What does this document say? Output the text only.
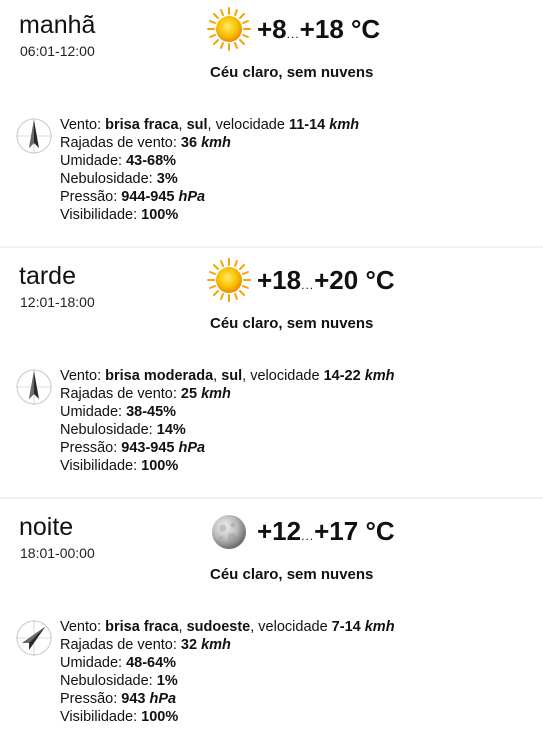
manhã
06:01-12:00
+8...+18 °C
Céu claro, sem nuvens
Vento: brisa fraca, sul, velocidade 11-14 kmh
Rajadas de vento: 36 kmh
Umidade: 43-68%
Nebulosidade: 3%
Pressão: 944-945 hPa
Visibilidade: 100%
tarde
12:01-18:00
+18...+20 °C
Céu claro, sem nuvens
Vento: brisa moderada, sul, velocidade 14-22 kmh
Rajadas de vento: 25 kmh
Umidade: 38-45%
Nebulosidade: 14%
Pressão: 943-945 hPa
Visibilidade: 100%
noite
18:01-00:00
+12...+17 °C
Céu claro, sem nuvens
Vento: brisa fraca, sudoeste, velocidade 7-14 kmh
Rajadas de vento: 32 kmh
Umidade: 48-64%
Nebulosidade: 1%
Pressão: 943 hPa
Visibilidade: 100%
